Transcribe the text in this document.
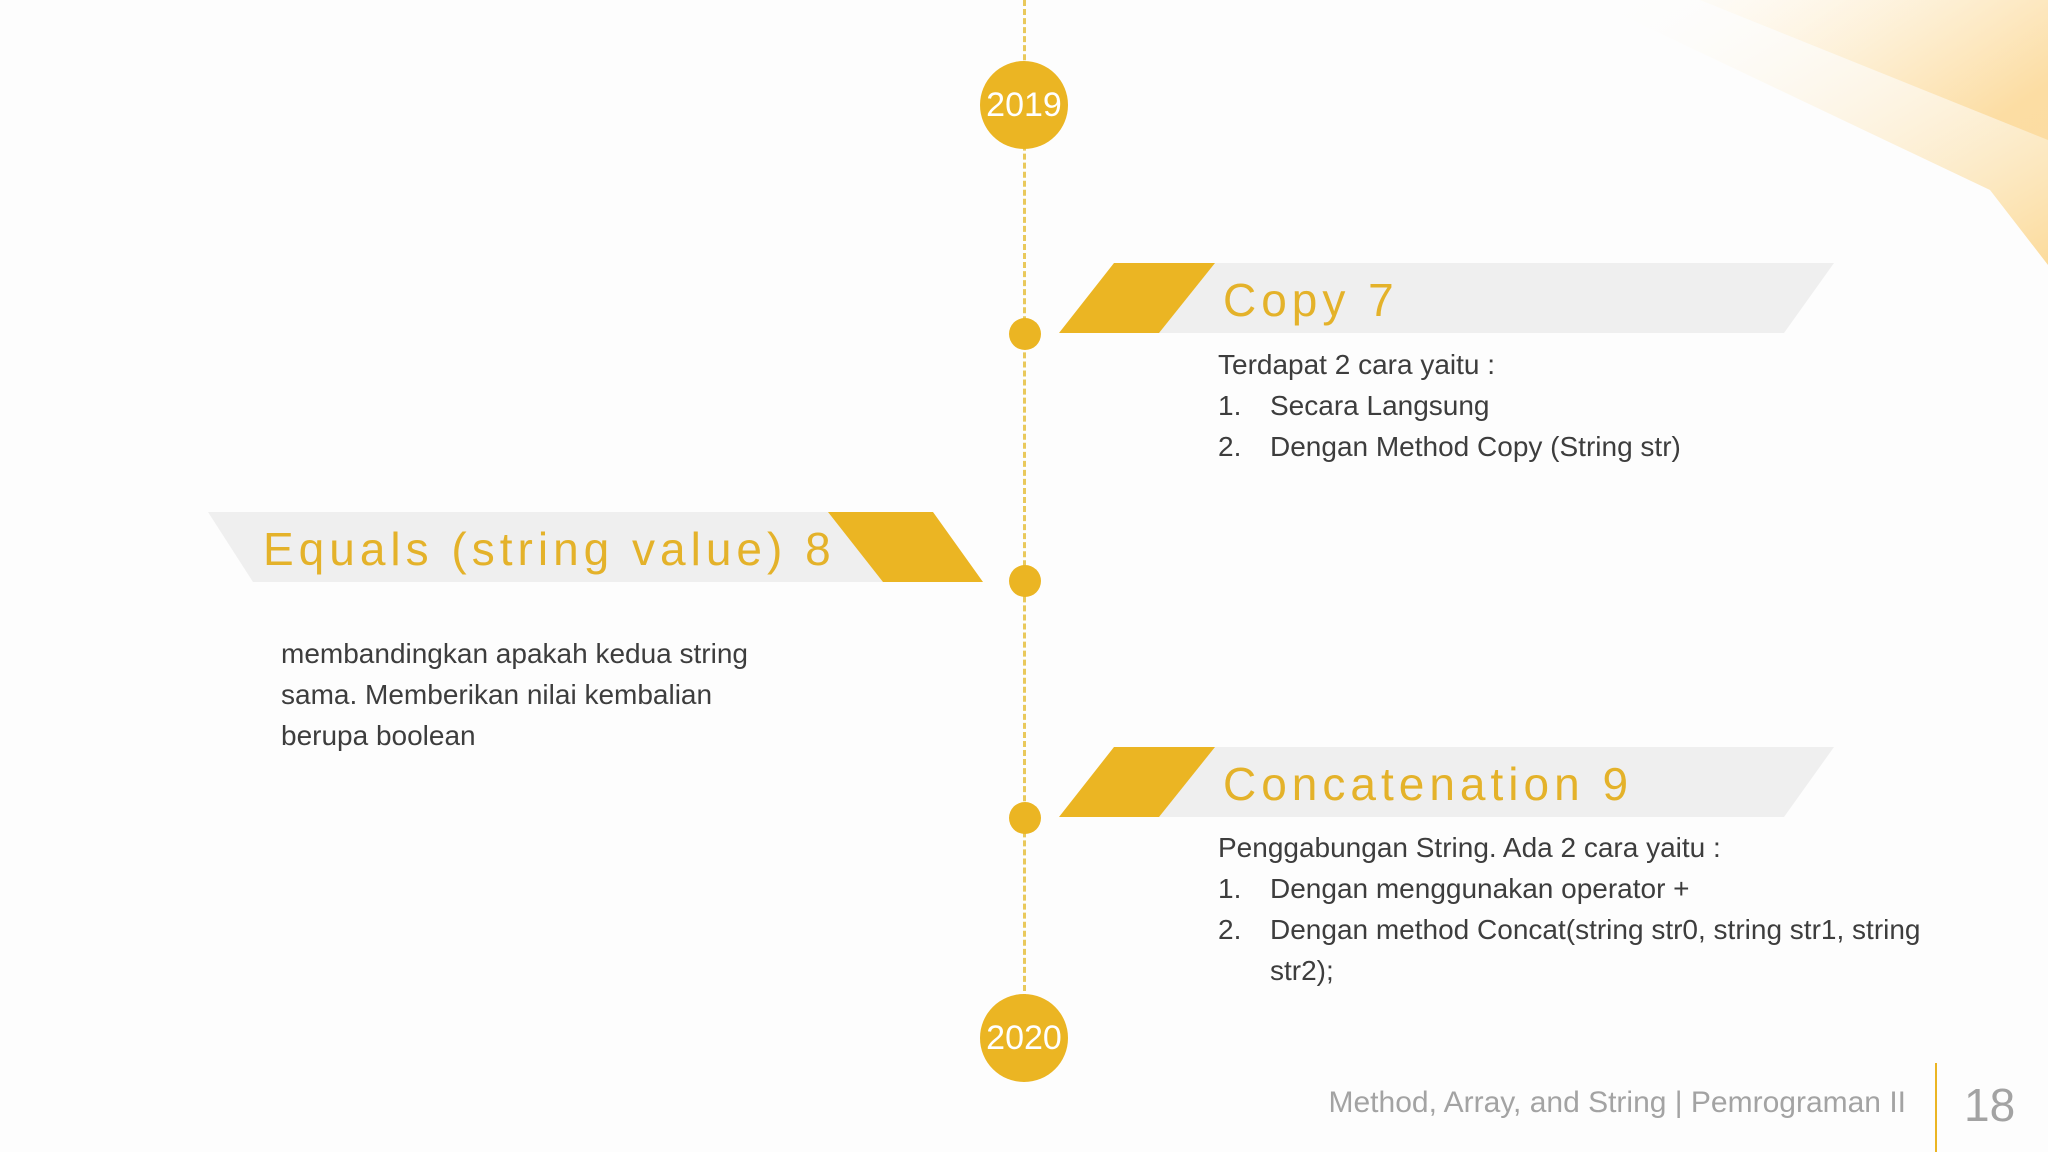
2019
2020
Copy 7
Terdapat 2 cara yaitu :
1.	Secara Langsung
2.	Dengan Method Copy (String str)
Equals (string value) 8
membandingkan apakah kedua string sama. Memberikan nilai kembalian berupa boolean
Concatenation 9
Penggabungan String. Ada 2 cara yaitu :
1.	Dengan menggunakan operator +
2.	Dengan method Concat(string str0, string str1, string str2);
Method, Array, and String | Pemrograman II 18
